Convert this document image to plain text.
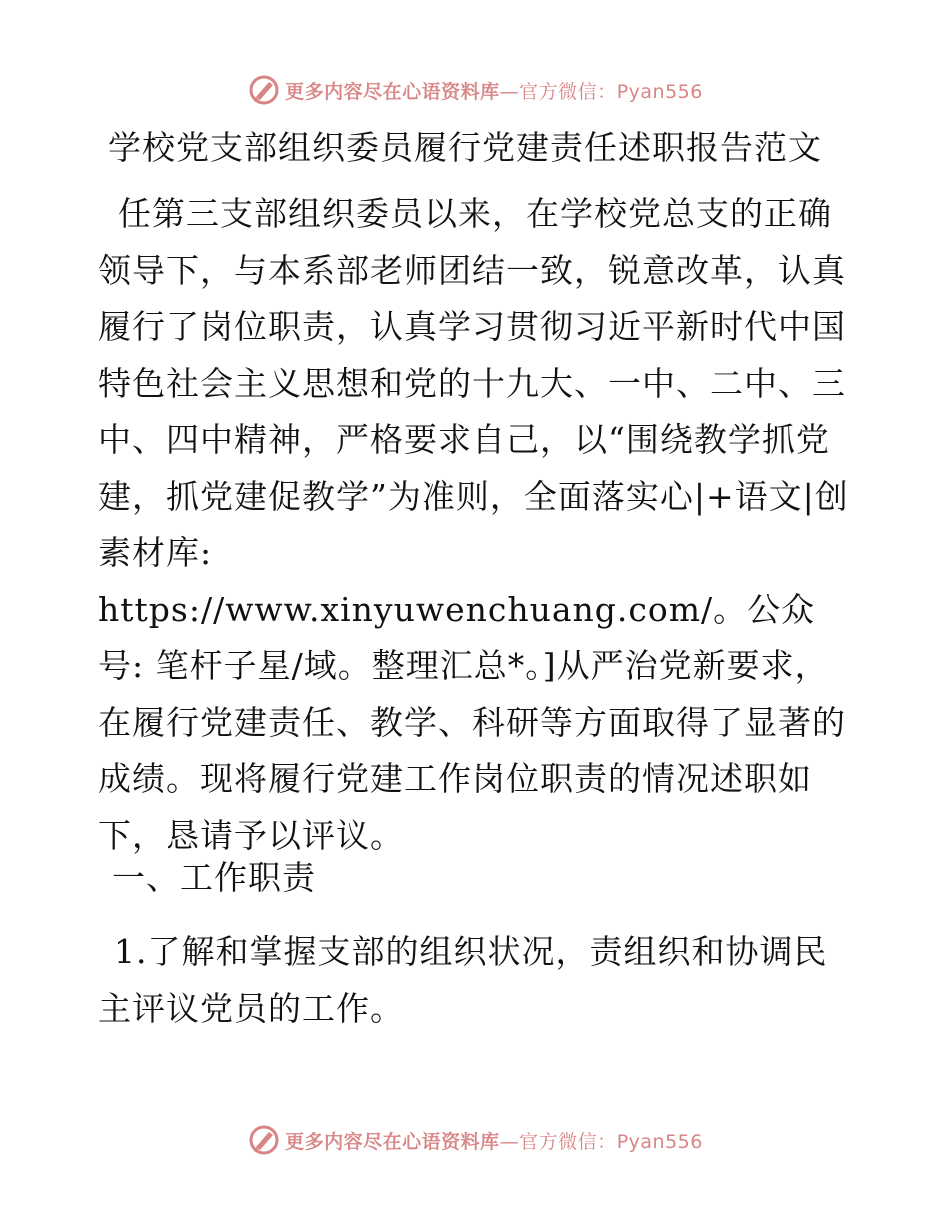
更多内容尽在心语资料库—官方微信：Pyan556
学校党支部组织委员履行党建责任述职报告范文

任第三支部组织委员以来，在学校党总支的正确领导下，与本系部老师团结一致，锐意改革，认真履行了岗位职责，认真学习贯彻习近平新时代中国特色社会主义思想和党的十九大、一中、二中、三中、四中精神，严格要求自己，以“围绕教学抓党建，抓党建促教学”为准则，全面落实心|+语文|创素材库: https://www.xinyuwenchuang.com/。公众号: 笔杆子星/域。整理汇总*。]从严治党新要求，在履行党建责任、教学、科研等方面取得了显著的成绩。现将履行党建工作岗位职责的情况述职如下，恳请予以评议。

一、工作职责

1.了解和掌握支部的组织状况，责组织和协调民主评议党员的工作。

更多内容尽在心语资料库—官方微信：Pyan556
